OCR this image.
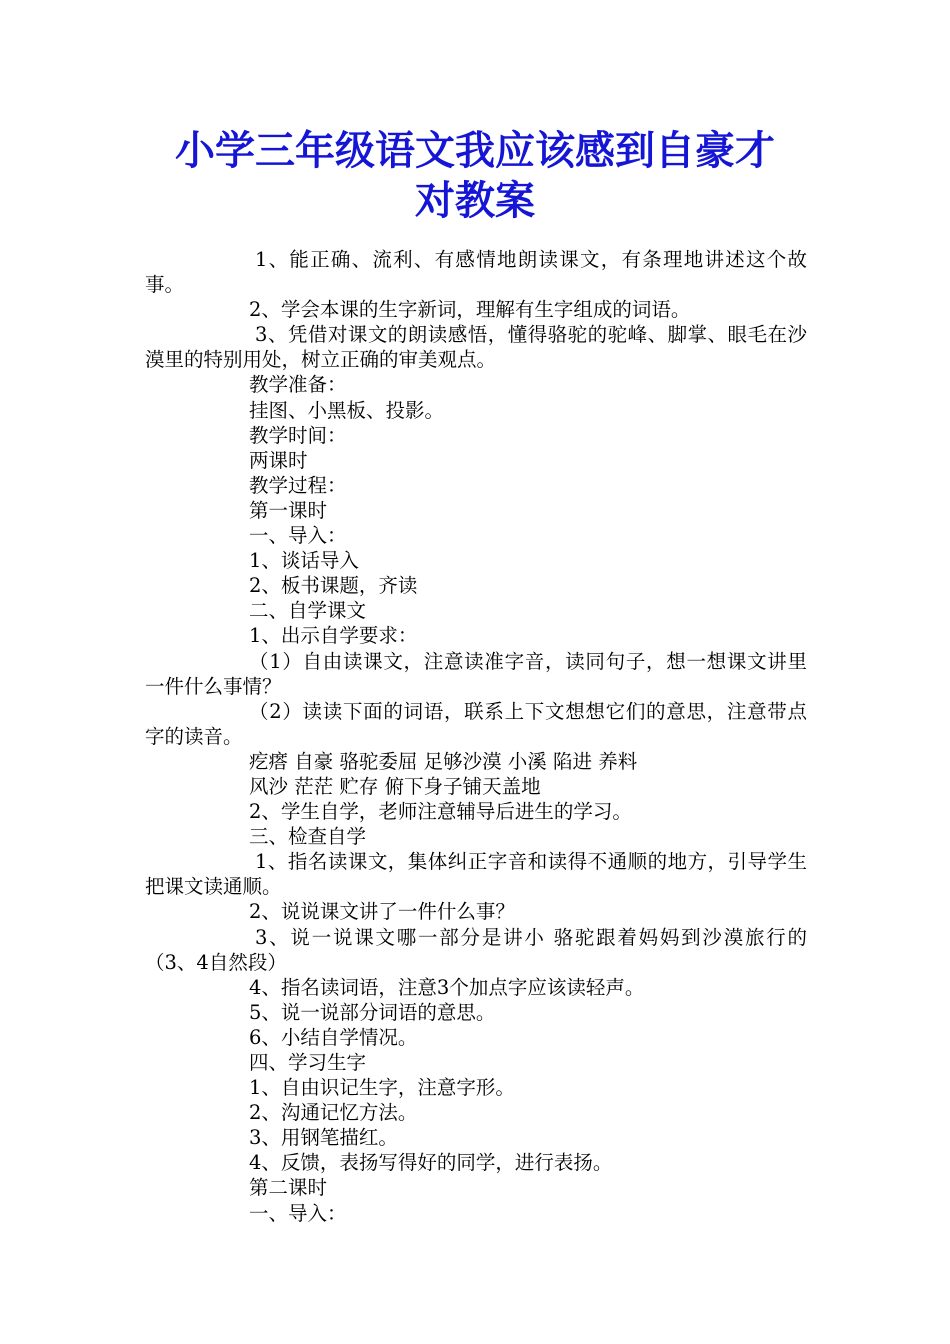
小学三年级语文我应该感到自豪才
对教案

1、能正确、流利、有感情地朗读课文，有条理地讲述这个故事。

2、学会本课的生字新词，理解有生字组成的词语。

3、凭借对课文的朗读感悟，懂得骆驼的驼峰、脚掌、眼毛在沙漠里的特别用处，树立正确的审美观点。

教学准备：

挂图、小黑板、投影。

教学时间：

两课时

教学过程：

第一课时

一、导入：

1、谈话导入

2、板书课题，齐读

二、自学课文

1、出示自学要求：

（1）自由读课文，注意读准字音，读同句子，想一想课文讲里一件什么事情？

（2）读读下面的词语，联系上下文想想它们的意思，注意带点字的读音。

疙瘩 自豪 骆驼委屈 足够沙漠 小溪 陷进 养料

风沙 茫茫 贮存 俯下身子铺天盖地

2、学生自学，老师注意辅导后进生的学习。

三、检查自学

1、指名读课文，集体纠正字音和读得不通顺的地方，引导学生把课文读通顺。

2、说说课文讲了一件什么事？

3、说一说课文哪一部分是讲小 骆驼跟着妈妈到沙漠旅行的（3、4自然段）

4、指名读词语，注意3个加点字应该读轻声。

5、说一说部分词语的意思。

6、小结自学情况。

四、学习生字

1、自由识记生字，注意字形。

2、沟通记忆方法。

3、用钢笔描红。

4、反馈，表扬写得好的同学，进行表扬。

第二课时

一、导入：
